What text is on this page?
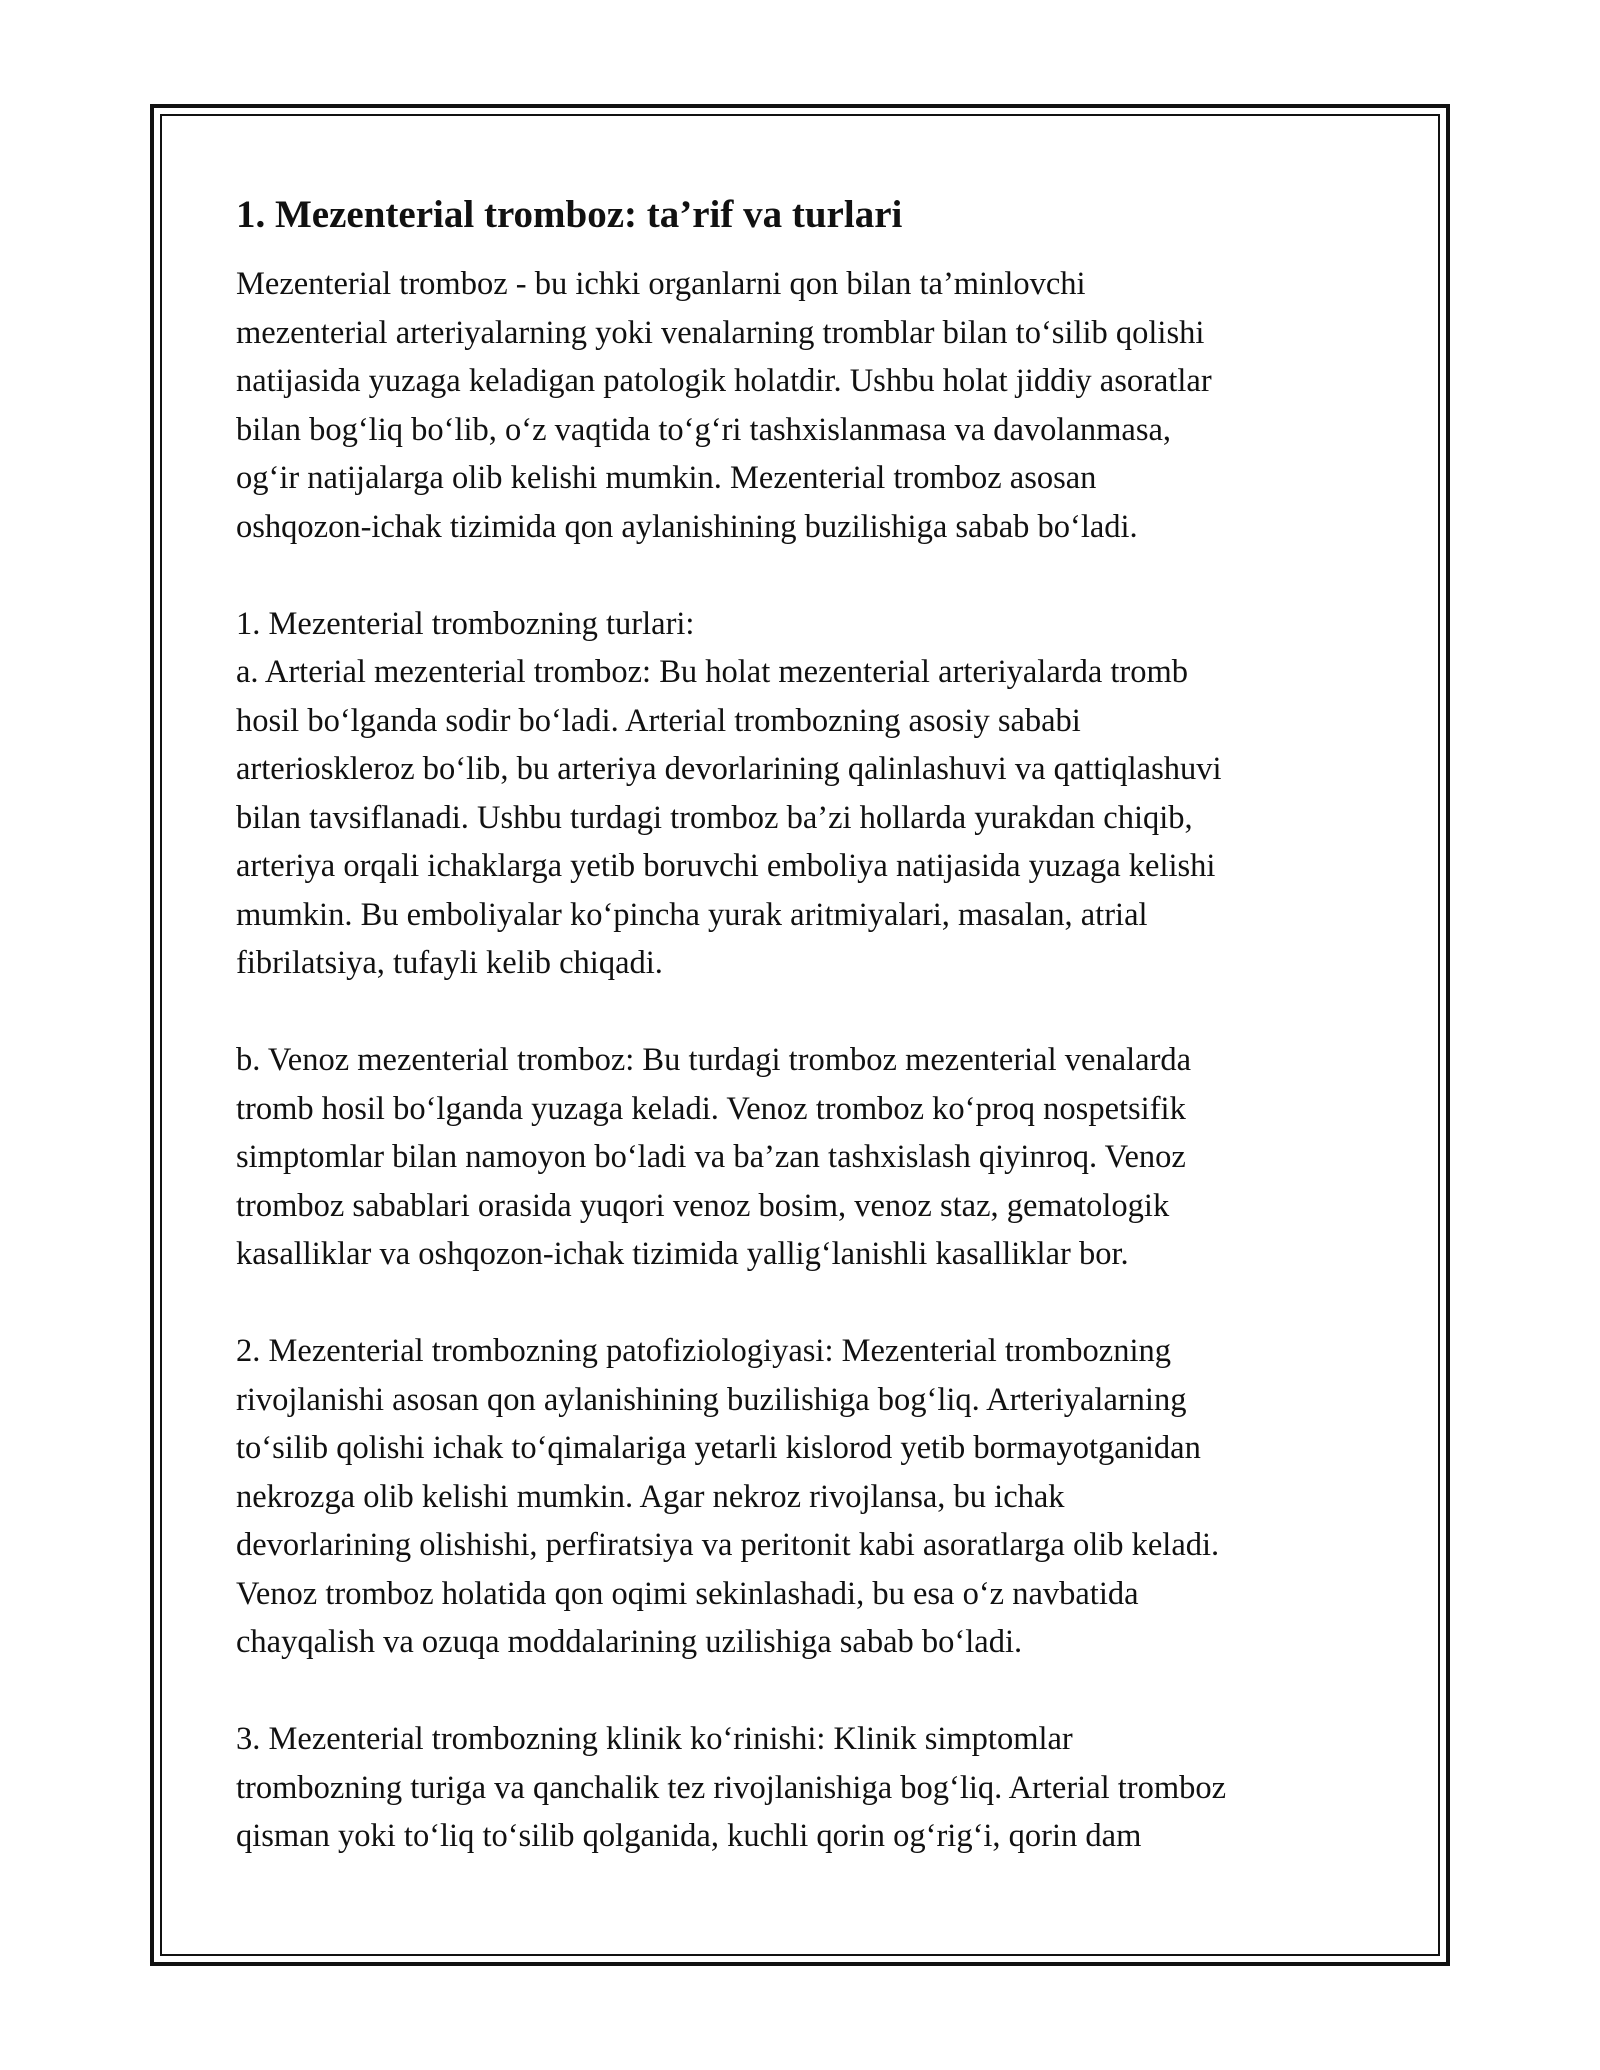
1. Mezenterial tromboz: ta’rif va turlari

Mezenterial tromboz - bu ichki organlarni qon bilan ta’minlovchi
mezenterial arteriyalarning yoki venalarning tromblar bilan to‘silib qolishi
natijasida yuzaga keladigan patologik holatdir. Ushbu holat jiddiy asoratlar
bilan bog‘liq bo‘lib, o‘z vaqtida to‘g‘ri tashxislanmasa va davolanmasa,
og‘ir natijalarga olib kelishi mumkin. Mezenterial tromboz asosan
oshqozon-ichak tizimida qon aylanishining buzilishiga sabab bo‘ladi.

1. Mezenterial trombozning turlari:
a. Arterial mezenterial tromboz: Bu holat mezenterial arteriyalarda tromb
hosil bo‘lganda sodir bo‘ladi. Arterial trombozning asosiy sababi
arterioskleroz bo‘lib, bu arteriya devorlarining qalinlashuvi va qattiqlashuvi
bilan tavsiflanadi. Ushbu turdagi tromboz ba’zi hollarda yurakdan chiqib,
arteriya orqali ichaklarga yetib boruvchi emboliya natijasida yuzaga kelishi
mumkin. Bu emboliyalar ko‘pincha yurak aritmiyalari, masalan, atrial
fibrilatsiya, tufayli kelib chiqadi.

b. Venoz mezenterial tromboz: Bu turdagi tromboz mezenterial venalarda
tromb hosil bo‘lganda yuzaga keladi. Venoz tromboz ko‘proq nospetsifik
simptomlar bilan namoyon bo‘ladi va ba’zan tashxislash qiyinroq. Venoz
tromboz sabablari orasida yuqori venoz bosim, venoz staz, gematologik
kasalliklar va oshqozon-ichak tizimida yallig‘lanishli kasalliklar bor.

2. Mezenterial trombozning patofiziologiyasi: Mezenterial trombozning
rivojlanishi asosan qon aylanishining buzilishiga bog‘liq. Arteriyalarning
to‘silib qolishi ichak to‘qimalariga yetarli kislorod yetib bormayotganidan
nekrozga olib kelishi mumkin. Agar nekroz rivojlansa, bu ichak
devorlarining olishishi, perfiratsiya va peritonit kabi asoratlarga olib keladi.
Venoz tromboz holatida qon oqimi sekinlashadi, bu esa o‘z navbatida
chayqalish va ozuqa moddalarining uzilishiga sabab bo‘ladi.

3. Mezenterial trombozning klinik ko‘rinishi: Klinik simptomlar
trombozning turiga va qanchalik tez rivojlanishiga bog‘liq. Arterial tromboz
qisman yoki to‘liq to‘silib qolganida, kuchli qorin og‘rig‘i, qorin dam
